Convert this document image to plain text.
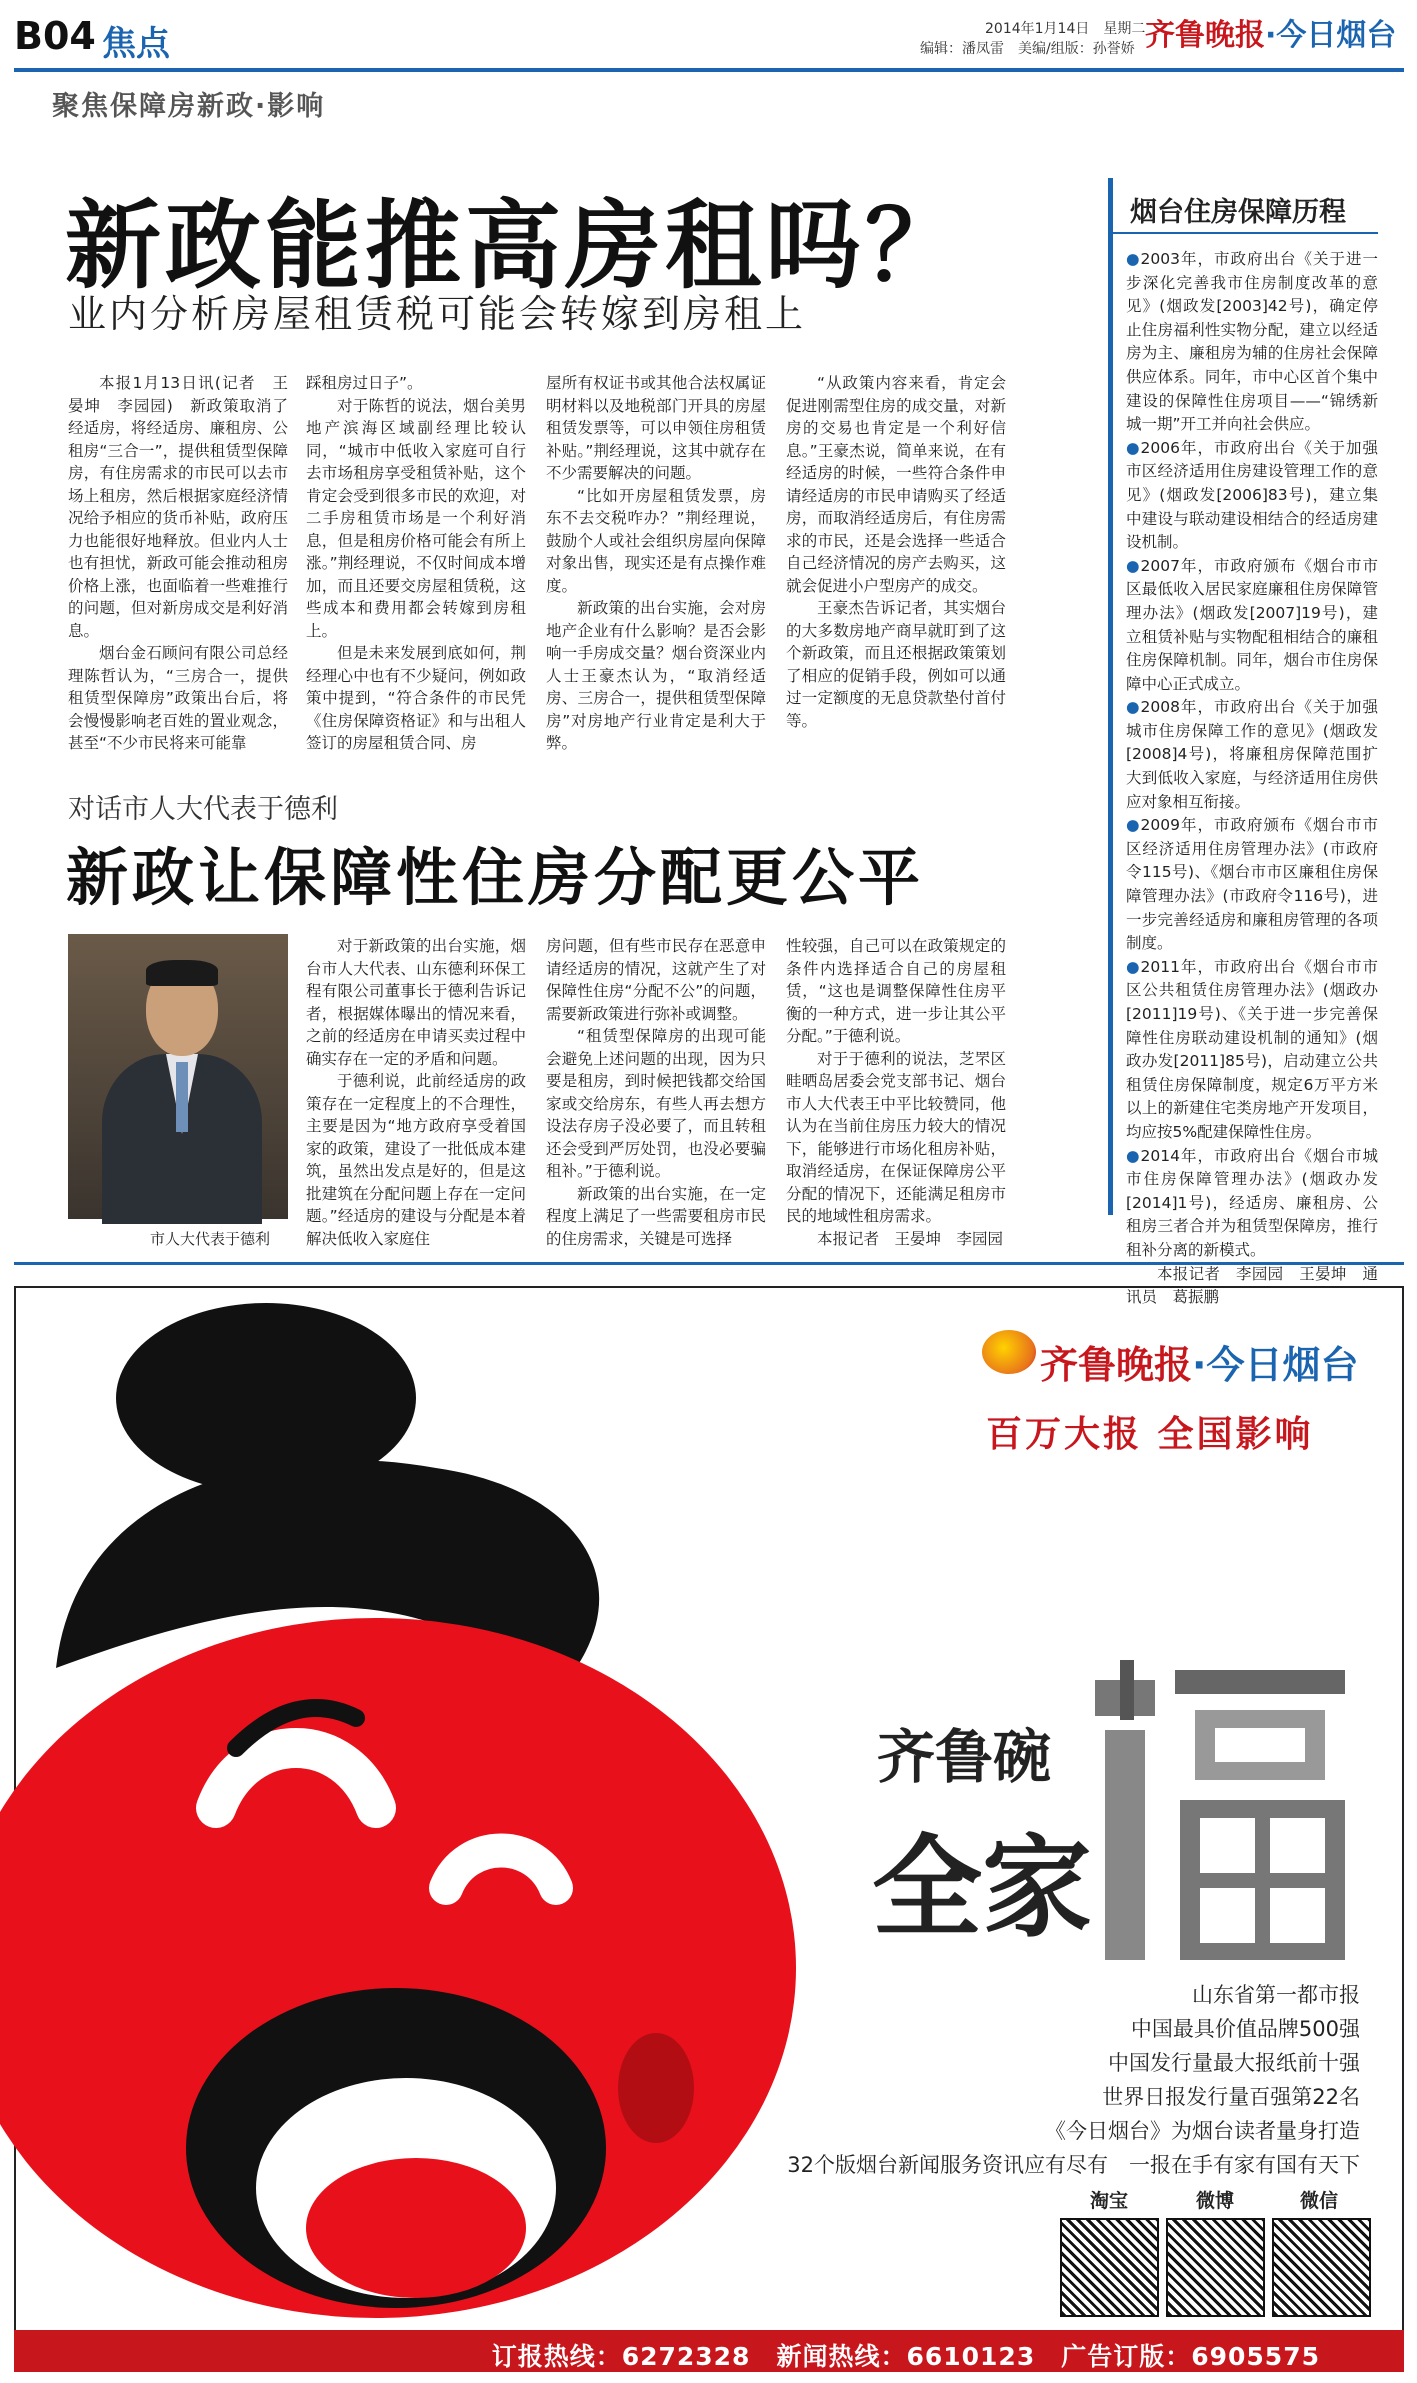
B04 焦点	2014年1月14日　星期二
编辑：潘凤雷　美编/组版：孙誉娇 齐鲁晚报·今日烟台
聚焦保障房新政·影响
新政能推高房租吗？
业内分析房屋租赁税可能会转嫁到房租上

本报1月13日讯(记者　王晏坤　李园园)　新政策取消了经适房，将经适房、廉租房、公租房“三合一”，提供租赁型保障房，有住房需求的市民可以去市场上租房，然后根据家庭经济情况给予相应的货币补贴，政府压力也能很好地释放。但业内人士也有担忧，新政可能会推动租房价格上涨，也面临着一些难推行的问题，但对新房成交是利好消息。

烟台金石顾问有限公司总经理陈哲认为，“三房合一，提供租赁型保障房”政策出台后，将会慢慢影响老百姓的置业观念，甚至“不少市民将来可能靠

踩租房过日子”。

对于陈哲的说法，烟台美男地产滨海区域副经理比较认同，“城市中低收入家庭可自行去市场租房享受租赁补贴，这个肯定会受到很多市民的欢迎，对二手房租赁市场是一个利好消息，但是租房价格可能会有所上涨。”荆经理说，不仅时间成本增加，而且还要交房屋租赁税，这些成本和费用都会转嫁到房租上。

但是未来发展到底如何，荆经理心中也有不少疑问，例如政策中提到，“符合条件的市民凭《住房保障资格证》和与出租人签订的房屋租赁合同、房

屋所有权证书或其他合法权属证明材料以及地税部门开具的房屋租赁发票等，可以申领住房租赁补贴。”荆经理说，这其中就存在不少需要解决的问题。

“比如开房屋租赁发票，房东不去交税咋办？”荆经理说，鼓励个人或社会组织房屋向保障对象出售，现实还是有点操作难度。

新政策的出台实施，会对房地产企业有什么影响？是否会影响一手房成交量？烟台资深业内人士王豪杰认为，“取消经适房、三房合一，提供租赁型保障房”对房地产行业肯定是利大于弊。

“从政策内容来看，肯定会促进刚需型住房的成交量，对新房的交易也肯定是一个利好信息。”王豪杰说，简单来说，在有经适房的时候，一些符合条件申请经适房的市民申请购买了经适房，而取消经适房后，有住房需求的市民，还是会选择一些适合自己经济情况的房产去购买，这就会促进小户型房产的成交。

王豪杰告诉记者，其实烟台的大多数房地产商早就盯到了这个新政策，而且还根据政策策划了相应的促销手段，例如可以通过一定额度的无息贷款垫付首付等。

烟台住房保障历程

●2003年，市政府出台《关于进一步深化完善我市住房制度改革的意见》(烟政发[2003]42号)，确定停止住房福利性实物分配，建立以经适房为主、廉租房为辅的住房社会保障供应体系。同年，市中心区首个集中建设的保障性住房项目——“锦绣新城一期”开工并向社会供应。

●2006年，市政府出台《关于加强市区经济适用住房建设管理工作的意见》(烟政发[2006]83号)，建立集中建设与联动建设相结合的经适房建设机制。

●2007年，市政府颁布《烟台市市区最低收入居民家庭廉租住房保障管理办法》(烟政发[2007]19号)，建立租赁补贴与实物配租相结合的廉租住房保障机制。同年，烟台市住房保障中心正式成立。

●2008年，市政府出台《关于加强城市住房保障工作的意见》(烟政发[2008]4号)，将廉租房保障范围扩大到低收入家庭，与经济适用住房供应对象相互衔接。

●2009年，市政府颁布《烟台市市区经济适用住房管理办法》(市政府令115号)、《烟台市市区廉租住房保障管理办法》(市政府令116号)，进一步完善经适房和廉租房管理的各项制度。

●2011年，市政府出台《烟台市市区公共租赁住房管理办法》(烟政办[2011]19号)、《关于进一步完善保障性住房联动建设机制的通知》(烟政办发[2011]85号)，启动建立公共租赁住房保障制度，规定6万平方米以上的新建住宅类房地产开发项目，均应按5%配建保障性住房。

●2014年，市政府出台《烟台市城市住房保障管理办法》(烟政办发[2014]1号)，经适房、廉租房、公租房三者合并为租赁型保障房，推行租补分离的新模式。

本报记者　李园园　王晏坤　通讯员　葛振鹏

对话市人大代表于德利
新政让保障性住房分配更公平
市人大代表于德利

对于新政策的出台实施，烟台市人大代表、山东德利环保工程有限公司董事长于德利告诉记者，根据媒体曝出的情况来看，之前的经适房在申请买卖过程中确实存在一定的矛盾和问题。

于德利说，此前经适房的政策存在一定程度上的不合理性，主要是因为“地方政府享受着国家的政策，建设了一批低成本建筑，虽然出发点是好的，但是这批建筑在分配问题上存在一定问题。”经适房的建设与分配是本着解决低收入家庭住

房问题，但有些市民存在恶意申请经适房的情况，这就产生了对保障性住房“分配不公”的问题，需要新政策进行弥补或调整。

“租赁型保障房的出现可能会避免上述问题的出现，因为只要是租房，到时候把钱都交给国家或交给房东，有些人再去想方设法存房子没必要了，而且转租还会受到严厉处罚，也没必要骗租补。”于德利说。

新政策的出台实施，在一定程度上满足了一些需要租房市民的住房需求，关键是可选择

性较强，自己可以在政策规定的条件内选择适合自己的房屋租赁，“这也是调整保障性住房平衡的一种方式，进一步让其公平分配。”于德利说。

对于于德利的说法，芝罘区畦晒岛居委会党支部书记、烟台市人大代表王中平比较赞同，他认为在当前住房压力较大的情况下，能够进行市场化租房补贴，取消经适房，在保证保障房公平分配的情况下，还能满足租房市民的地域性租房需求。

本报记者　王晏坤　李园园

齐鲁晚报·今日烟台
百万大报 全国影响
齐鲁碗
全家
山东省第一都市报
中国最具价值品牌500强
中国发行量最大报纸前十强
世界日报发行量百强第22名
《今日烟台》为烟台读者量身打造
32个版烟台新闻服务资讯应有尽有　一报在手有家有国有天下
淘宝	微博	微信
订报热线：6272328　新闻热线：6610123　广告订版：6905575
